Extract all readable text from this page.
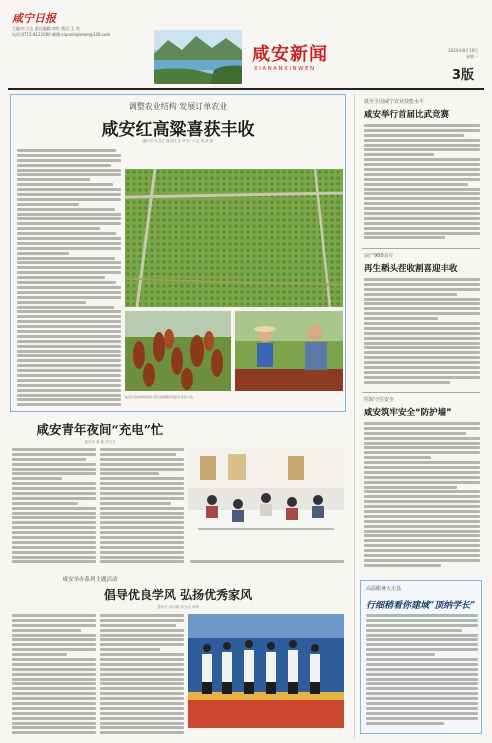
咸宁日报
主编:叶立志 责任编辑:李红 版式:王 杰
电话:0715-8121000 邮箱:xianningnews@126.com
咸安新闻
XIANANXINWEN
2024年8月19日
星期一
3版
调整农业结构 发展订单农业
咸安红高粱喜获丰收
通讯员 李卫红 通讯员 余 华 叶 子 记 者 黄 娟
咸安区高粱种植基地,金色高粱穗迎风摇曳,喜获丰收。
咸安青年夜间“充电”忙
通讯员 周 敏 刘玉立
咸安举办系列主题活动
倡导优良学风 弘扬优秀家风
通讯员 孙启超 刘玉洁 何婧
低至全国咸宁农业技能水平
咸安举行首届比武竞赛
亩产900余斤
再生稻头茬收割喜迎丰收
医院守住安全
咸安筑牢安全“防护墙”
高温酷暑大走基
行细稍看你建域“顶纳学长”
